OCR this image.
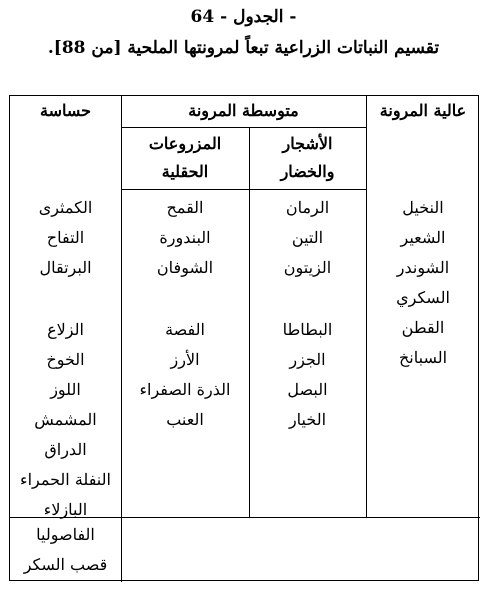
الجدول - 64 -
تقسيم النباتات الزراعية تبعاً لمرونتها الملحية [من 88].
عالية المرونة
متوسطة المرونة
حساسة
الأشجار
والخضار
المزروعات
الحقلية
النخيل
الشعير
الشوندر
السكري
القطن
السبانخ
الرمان
التين
الزيتون
البطاطا
الجزر
البصل
الخيار
القمح
البندورة
الشوفان
الفصة
الأرز
الذرة الصفراء
العنب
الكمثرى
التفاح
البرتقال
الزلاع
الخوخ
اللوز
المشمش
الدراق
النفلة الحمراء
البازلاء
الفاصوليا
قصب السكر
